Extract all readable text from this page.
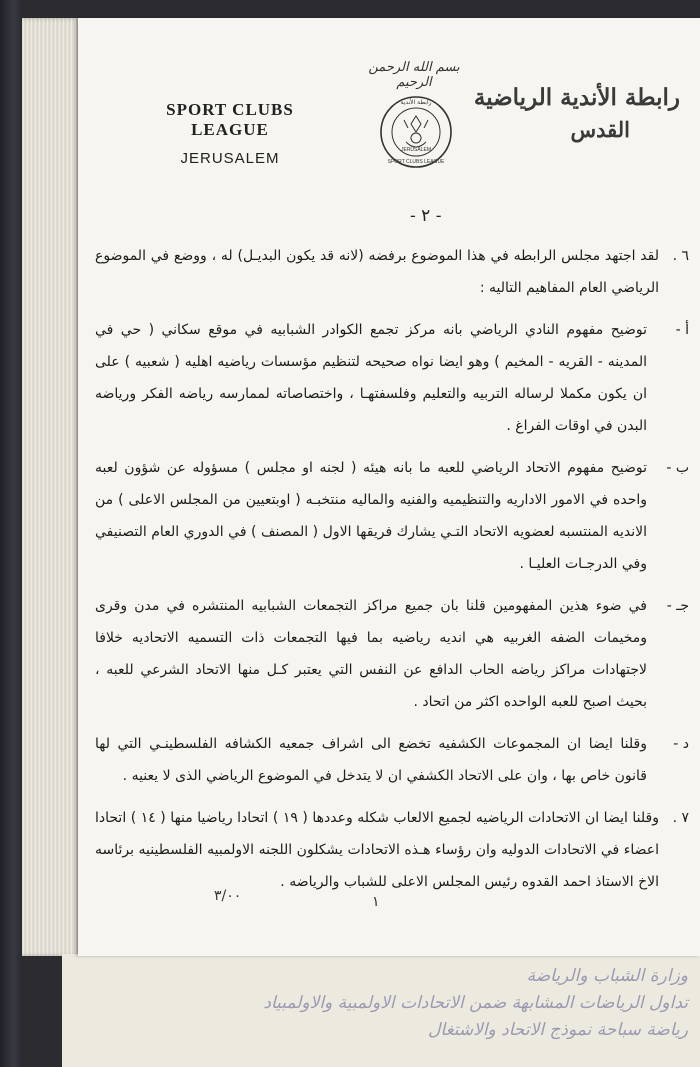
وزارة الشباب والرياضة
تداول الرياضات المشابهة ضمن الاتحادات الاولمبية والاولمبياد
رياضة سباحة نموذج الاتحاد والاشتغال
SPORT CLUBS LEAGUE
JERUSALEM
بسم الله الرحمن الرحيم
JERUSALEM
SPORT CLUBS LEAGUE
رابطة الأندية رابطة الأندية الرياضية
القدس
- ٢ -
٦ .
لقد اجتهد مجلس الرابطه في هذا الموضوع برفضه (لانه قد يكون البديـل) له ، ووضع في الموضوع الرياضي العام المفاهيم التاليه :
أ -
توضيح مفهوم النادي الرياضي بانه مركز تجمع الكوادر الشبابيه في موقع سكاني ( حي في المدينه - القريه - المخيم ) وهو ايضا نواه صحيحه لتنظيم مؤسسات رياضيه اهليه ( شعبيه ) على ان يكون مكملا لرساله التربيه والتعليم وفلسفتهـا ، واختصاصاته لممارسه رياضه الفكر ورياضه البدن في اوقات الفراغ .
ب -
توضيح مفهوم الاتحاد الرياضي للعبه ما بانه هيئه ( لجنه او مجلس ) مسؤوله عن شؤون لعبه واحده في الامور الاداريه والتنظيميه والفنيه والماليه منتخبـه ( اوبتعيين من المجلس الاعلى ) من الانديه المنتسبه لعضويه الاتحاد التـي يشارك فريقها الاول ( المصنف ) في الدوري العام التصنيفي وفي الدرجـات العليـا .
جـ -
في ضوء هذين المفهومين قلنا بان جميع مراكز التجمعات الشبابيه المنتشره في مدن وقرى ومخيمات الضفه الغربيه هي انديه رياضيه بما فيها التجمعات ذات التسميه الاتحاديه خلافا لاجتهادات مراكز رياضه الحاب الدافع عن النفس التي يعتبر كـل منها الاتحاد الشرعي للعبه ، بحيث اصبح للعبه الواحده اكثر من اتحاد .
د -
وقلنا ايضا ان المجموعات الكشفيه تخضع الى اشراف جمعيه الكشافه الفلسطينـي التي لها قانون خاص بها ، وان على الاتحاد الكشفي ان لا يتدخل في الموضوع الرياضي الذى لا يعنيه .
٧ .
وقلنا ايضا ان الاتحادات الرياضيه لجميع الالعاب شكله وعددها ( ١٩ ) اتحادا رياضيا منها ( ١٤ ) اتحادا اعضاء في الاتحادات الدوليه وان رؤساء هـذه الاتحادات يشكلون اللجنه الاولمبيه الفلسطينيه برئاسه الاخ الاستاذ احمد القدوه رئيس المجلس الاعلى للشباب والرياضه .
٣/٠٠	١
